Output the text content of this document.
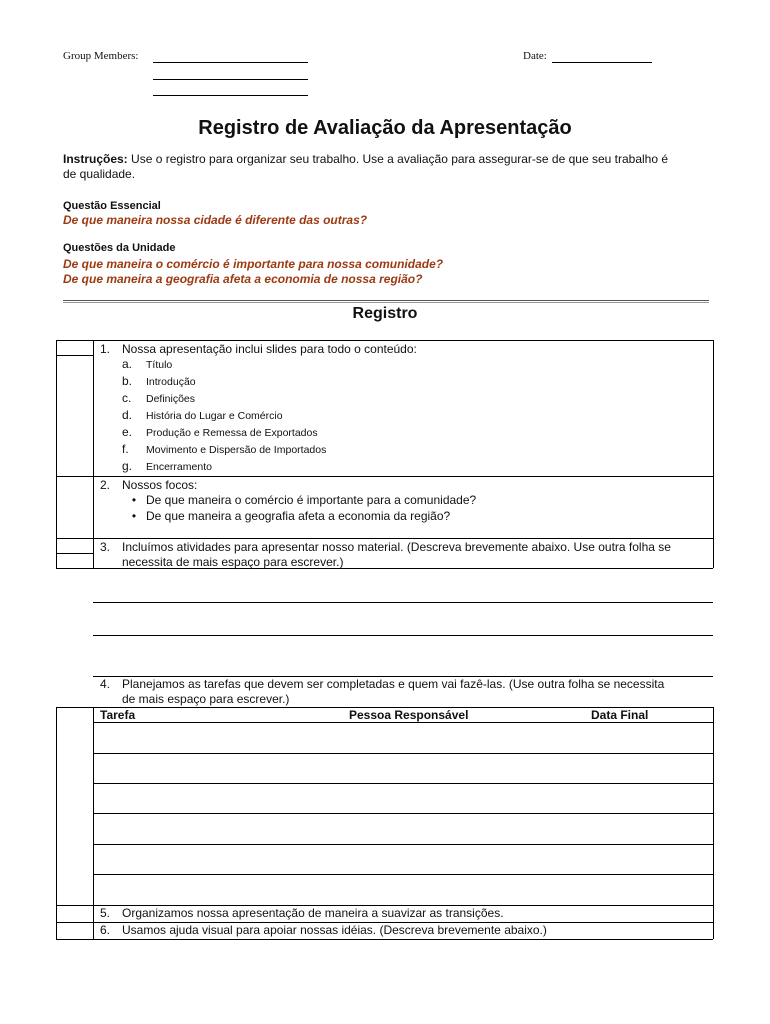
Group Members:	Date:
Registro de Avaliação da Apresentação
Instruções: Use o registro para organizar seu trabalho. Use a avaliação para assegurar-se de que seu trabalho é
de qualidade.
Questão Essencial
De que maneira nossa cidade é diferente das outras?
Questões da Unidade
De que maneira o comércio é importante para nossa comunidade?
De que maneira a geografia afeta a economia de nossa região?
Registro
1. Nossa apresentação inclui slides para todo o conteúdo:
a. Título
b. Introdução
c. Definições
d. História do Lugar e Comércio
e. Produção e Remessa de Exportados
f. Movimento e Dispersão de Importados
g. Encerramento
2. Nossos focos:
• De que maneira o comércio é importante para a comunidade?
• De que maneira a geografia afeta a economia da região?
3. Incluímos atividades para apresentar nosso material. (Descreva brevemente abaixo. Use outra folha se
necessita de mais espaço para escrever.)
4. Planejamos as tarefas que devem ser completadas e quem vai fazê-las. (Use outra folha se necessita
de mais espaço para escrever.)
Tarefa	Pessoa Responsável	Data Final
5. Organizamos nossa apresentação de maneira a suavizar as transições.
6. Usamos ajuda visual para apoiar nossas idéias. (Descreva brevemente abaixo.)
